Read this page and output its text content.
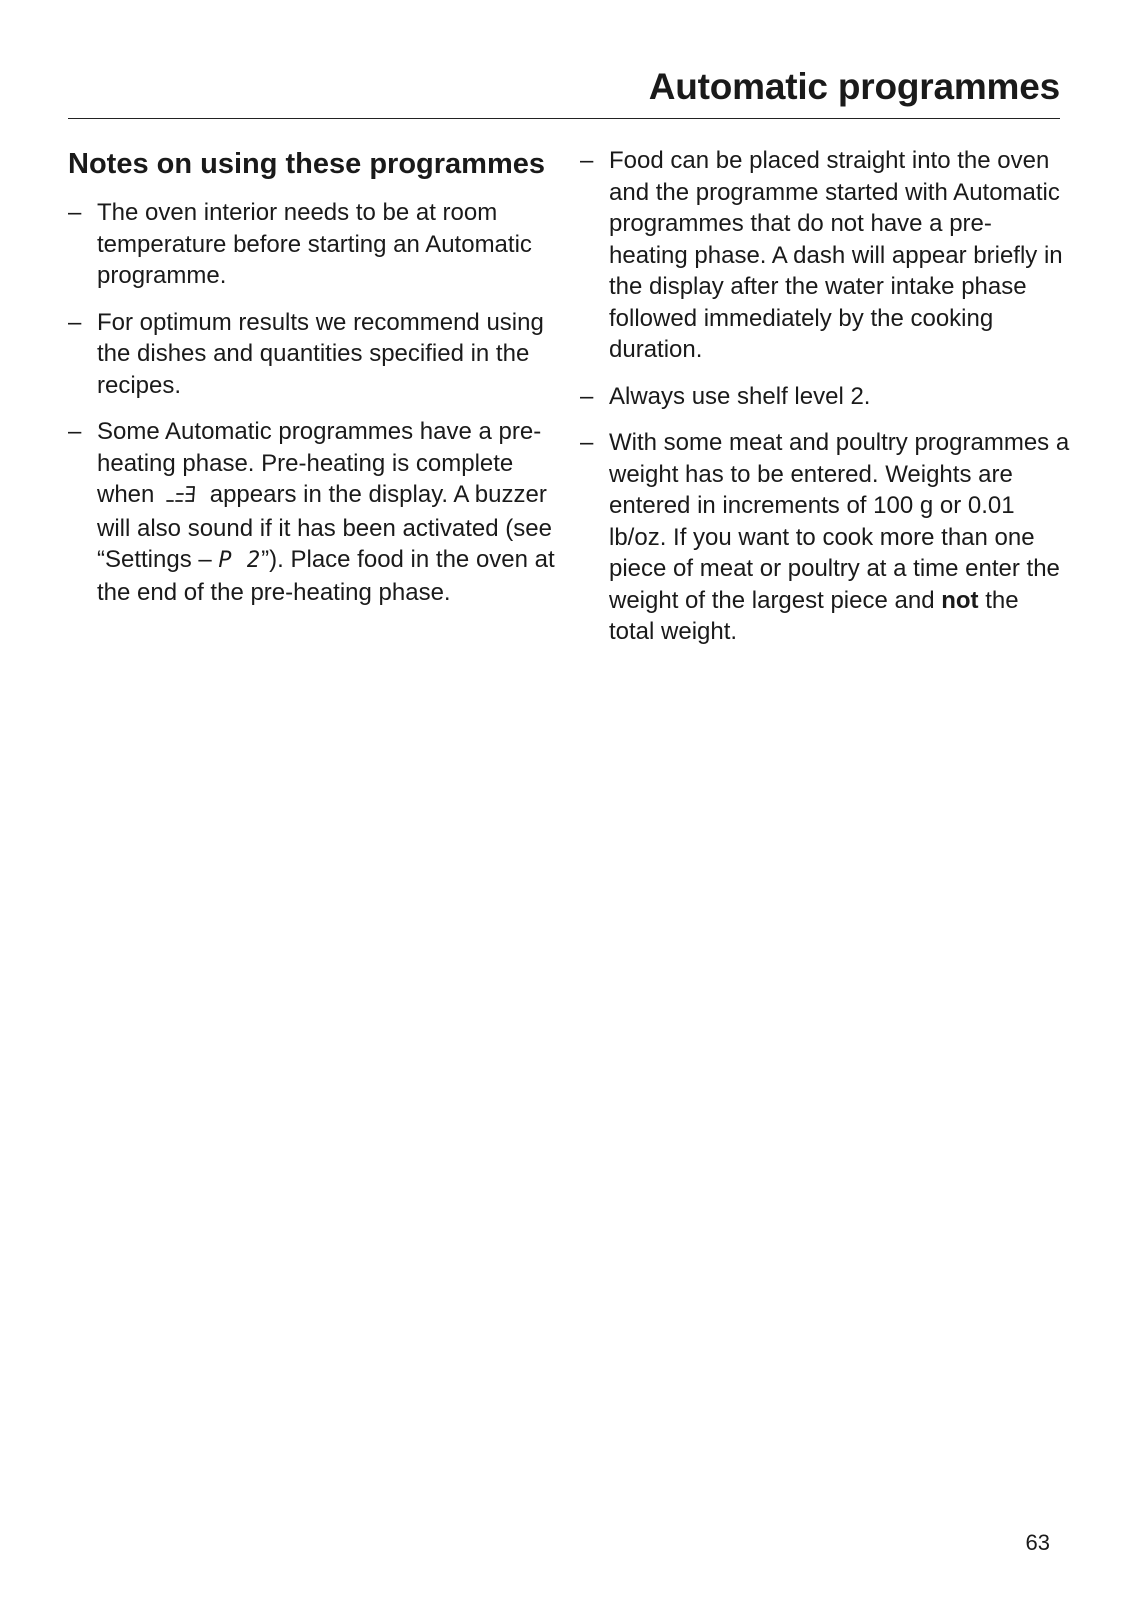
Automatic programmes
Notes on using these programmes
– The oven interior needs to be at room temperature before starting an Automatic programme.
– For optimum results we recommend using the dishes and quantities specified in the recipes.
– Some Automatic programmes have a pre-heating phase. Pre-heating is complete when appears in the display. A buzzer will also sound if it has been activated (see “Settings – P 2”). Place food in the oven at the end of the pre-heating phase.
– Food can be placed straight into the oven and the programme started with Automatic programmes that do not have a pre-heating phase. A dash will appear briefly in the display after the water intake phase followed immediately by the cooking duration.
– Always use shelf level 2.
– With some meat and poultry programmes a weight has to be entered. Weights are entered in increments of 100 g or 0.01 lb/oz. If you want to cook more than one piece of meat or poultry at a time enter the weight of the largest piece and not the total weight.
63
